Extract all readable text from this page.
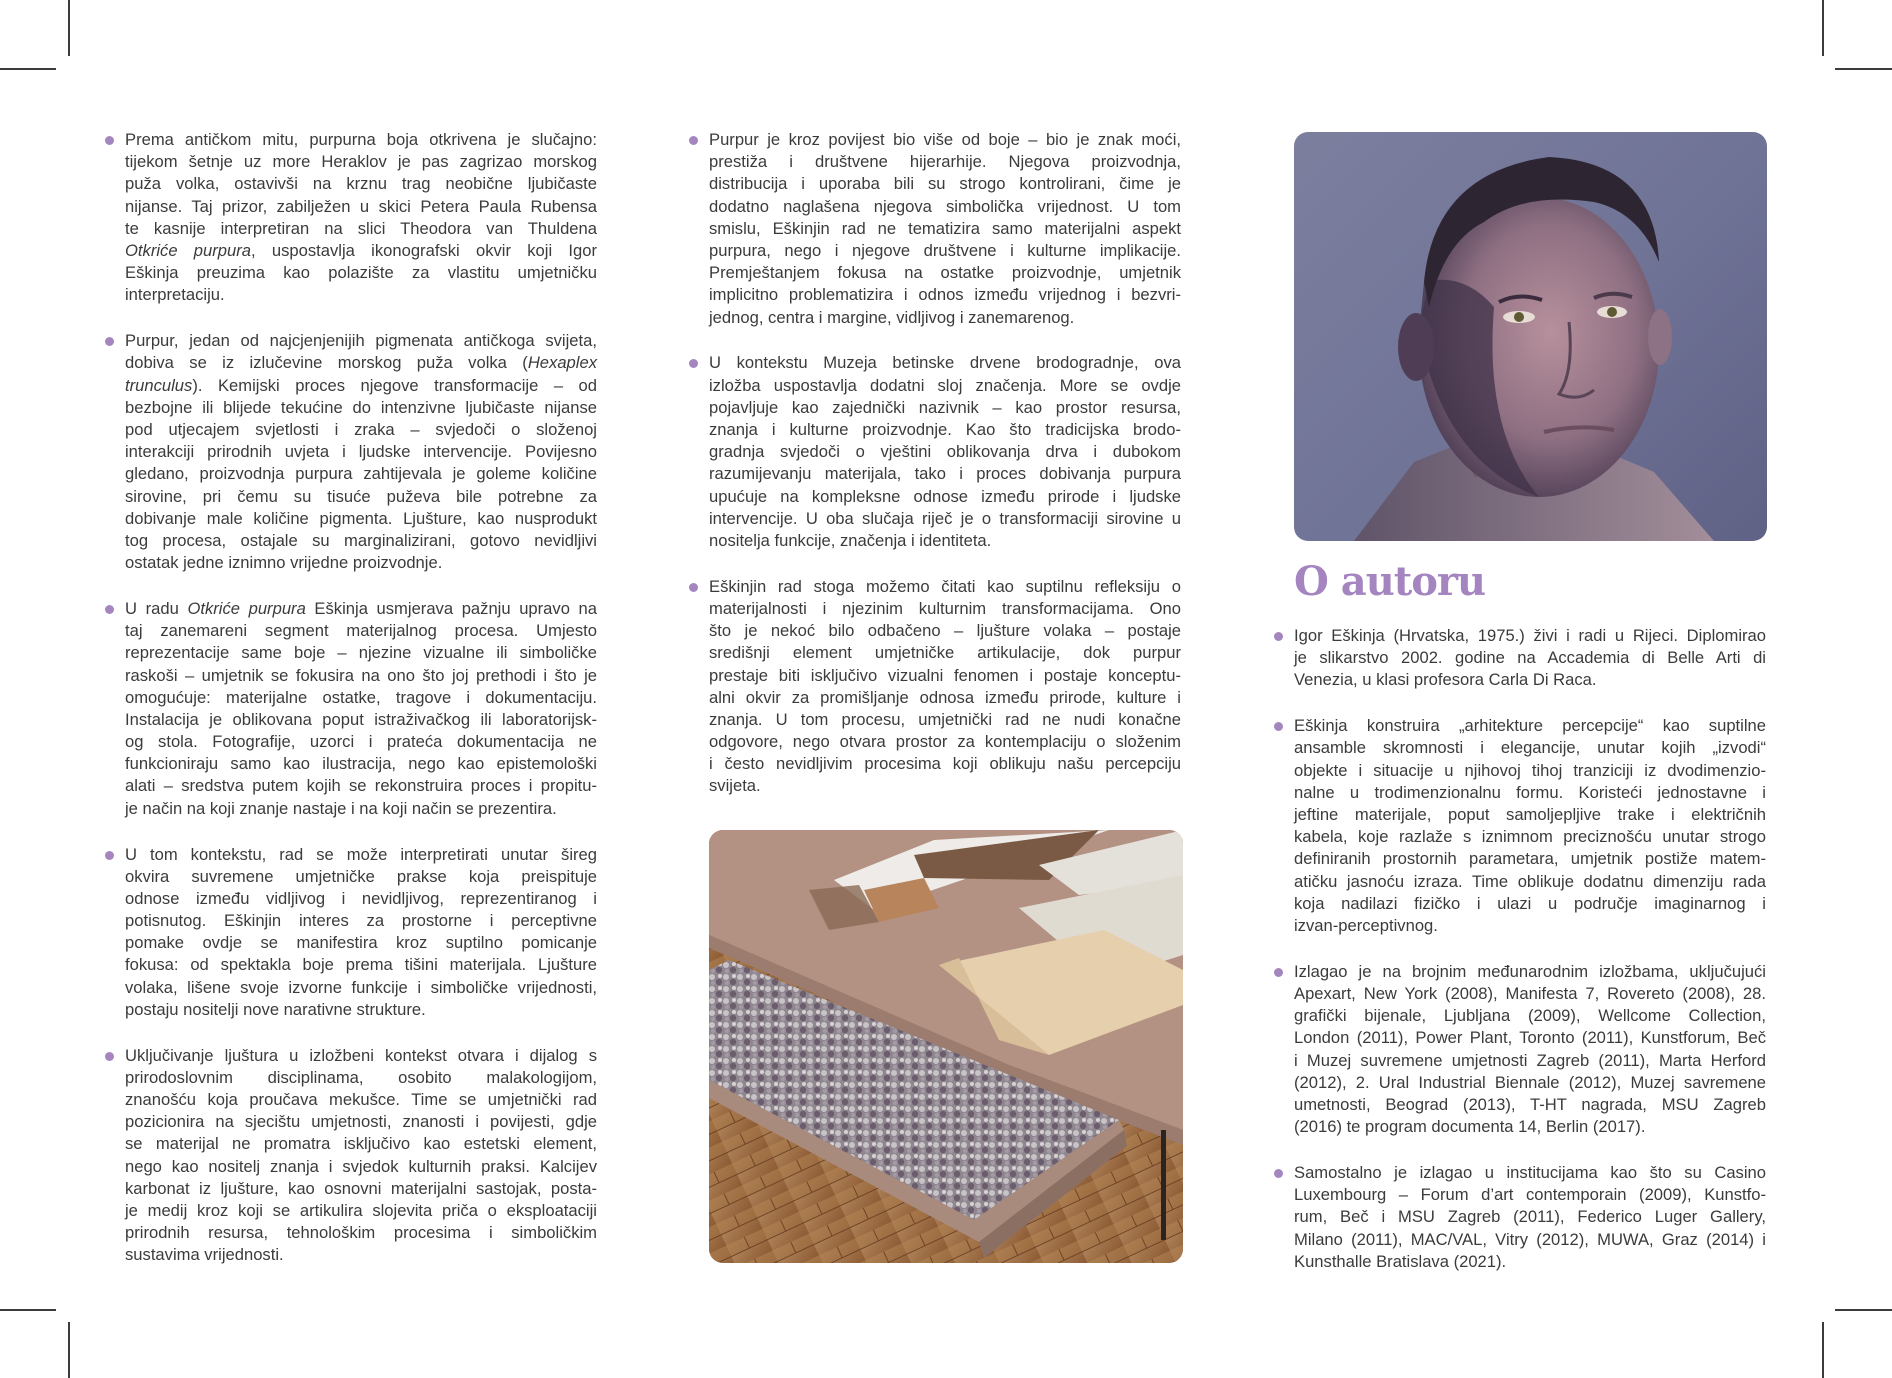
Prema antičkom mitu, purpurna boja otkrivena je slučajno:
tijekom šetnje uz more Heraklov je pas zagrizao morskog
puža volka, ostavivši na krznu trag neobične ljubičaste
nijanse. Taj prizor, zabilježen u skici Petera Paula Rubensa
te kasnije interpretiran na slici Theodora van Thuldena
Otkriće purpura, uspostavlja ikonografski okvir koji Igor
Eškinja preuzima kao polazište za vlastitu umjetničku
interpretaciju.
Purpur, jedan od najcjenjenijih pigmenata antičkoga svijeta,
dobiva se iz izlučevine morskog puža volka (Hexaplex
trunculus). Kemijski proces njegove transformacije – od
bezbojne ili blijede tekućine do intenzivne ljubičaste nijanse
pod utjecajem svjetlosti i zraka – svjedoči o složenoj
interakciji prirodnih uvjeta i ljudske intervencije. Povijesno
gledano, proizvodnja purpura zahtijevala je goleme količine
sirovine, pri čemu su tisuće puževa bile potrebne za
dobivanje male količine pigmenta. Ljušture, kao nusprodukt
tog procesa, ostajale su marginalizirani, gotovo nevidljivi
ostatak jedne iznimno vrijedne proizvodnje.
U radu Otkriće purpura Eškinja usmjerava pažnju upravo na
taj zanemareni segment materijalnog procesa. Umjesto
reprezentacije same boje – njezine vizualne ili simboličke
raskoši – umjetnik se fokusira na ono što joj prethodi i što je
omogućuje: materijalne ostatke, tragove i dokumentaciju.
Instalacija je oblikovana poput istraživačkog ili laboratorijsk-
og stola. Fotografije, uzorci i prateća dokumentacija ne
funkcioniraju samo kao ilustracija, nego kao epistemološki
alati – sredstva putem kojih se rekonstruira proces i propitu-
je način na koji znanje nastaje i na koji način se prezentira.
U tom kontekstu, rad se može interpretirati unutar šireg
okvira suvremene umjetničke prakse koja preispituje
odnose između vidljivog i nevidljivog, reprezentiranog i
potisnutog. Eškinjin interes za prostorne i perceptivne
pomake ovdje se manifestira kroz suptilno pomicanje
fokusa: od spektakla boje prema tišini materijala. Ljušture
volaka, lišene svoje izvorne funkcije i simboličke vrijednosti,
postaju nositelji nove narativne strukture.
Uključivanje ljuštura u izložbeni kontekst otvara i dijalog s
prirodoslovnim disciplinama, osobito malakologijom,
znanošću koja proučava mekušce. Time se umjetnički rad
pozicionira na sjecištu umjetnosti, znanosti i povijesti, gdje
se materijal ne promatra isključivo kao estetski element,
nego kao nositelj znanja i svjedok kulturnih praksi. Kalcijev
karbonat iz ljušture, kao osnovni materijalni sastojak, posta-
je medij kroz koji se artikulira slojevita priča o eksploataciji
prirodnih resursa, tehnološkim procesima i simboličkim
sustavima vrijednosti.
Purpur je kroz povijest bio više od boje – bio je znak moći,
prestiža i društvene hijerarhije. Njegova proizvodnja,
distribucija i uporaba bili su strogo kontrolirani, čime je
dodatno naglašena njegova simbolička vrijednost. U tom
smislu, Eškinjin rad ne tematizira samo materijalni aspekt
purpura, nego i njegove društvene i kulturne implikacije.
Premještanjem fokusa na ostatke proizvodnje, umjetnik
implicitno problematizira i odnos između vrijednog i bezvri-
jednog, centra i margine, vidljivog i zanemarenog.
U kontekstu Muzeja betinske drvene brodogradnje, ova
izložba uspostavlja dodatni sloj značenja. More se ovdje
pojavljuje kao zajednički nazivnik – kao prostor resursa,
znanja i kulturne proizvodnje. Kao što tradicijska brodo-
gradnja svjedoči o vještini oblikovanja drva i dubokom
razumijevanju materijala, tako i proces dobivanja purpura
upućuje na kompleksne odnose između prirode i ljudske
intervencije. U oba slučaja riječ je o transformaciji sirovine u
nositelja funkcije, značenja i identiteta.
Eškinjin rad stoga možemo čitati kao suptilnu refleksiju o
materijalnosti i njezinim kulturnim transformacijama. Ono
što je nekoć bilo odbačeno – ljušture volaka – postaje
središnji element umjetničke artikulacije, dok purpur
prestaje biti isključivo vizualni fenomen i postaje konceptu-
alni okvir za promišljanje odnosa između prirode, kulture i
znanja. U tom procesu, umjetnički rad ne nudi konačne
odgovore, nego otvara prostor za kontemplaciju o složenim
i često nevidljivim procesima koji oblikuju našu percepciju
svijeta.
Igor Eškinja (Hrvatska, 1975.) živi i radi u Rijeci. Diplomirao
je slikarstvo 2002. godine na Accademia di Belle Arti di
Venezia, u klasi profesora Carla Di Raca.
Eškinja konstruira „arhitekture percepcije“ kao suptilne
ansamble skromnosti i elegancije, unutar kojih „izvodi“
objekte i situacije u njihovoj tihoj tranziciji iz dvodimenzio-
nalne u trodimenzionalnu formu. Koristeći jednostavne i
jeftine materijale, poput samoljepljive trake i električnih
kabela, koje razlaže s iznimnom preciznošću unutar strogo
definiranih prostornih parametara, umjetnik postiže matem-
atičku jasnoću izraza. Time oblikuje dodatnu dimenziju rada
koja nadilazi fizičko i ulazi u područje imaginarnog i
izvan-perceptivnog.
Izlagao je na brojnim međunarodnim izložbama, uključujući
Apexart, New York (2008), Manifesta 7, Rovereto (2008), 28.
grafički bijenale, Ljubljana (2009), Wellcome Collection,
London (2011), Power Plant, Toronto (2011), Kunstforum, Beč
i Muzej suvremene umjetnosti Zagreb (2011), Marta Herford
(2012), 2. Ural Industrial Biennale (2012), Muzej savremene
umetnosti, Beograd (2013), T-HT nagrada, MSU Zagreb
(2016) te program documenta 14, Berlin (2017).
Samostalno je izlagao u institucijama kao što su Casino
Luxembourg – Forum d’art contemporain (2009), Kunstfo-
rum, Beč i MSU Zagreb (2011), Federico Luger Gallery,
Milano (2011), MAC/VAL, Vitry (2012), MUWA, Graz (2014) i
Kunsthalle Bratislava (2021).
O autoru
